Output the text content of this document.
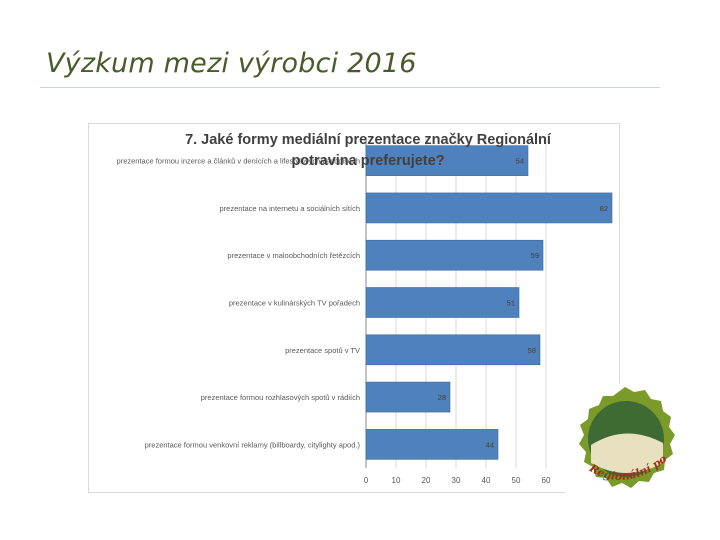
Výzkum mezi výrobci 2016
0	10	20	30	40	50	60
prezentace formou inzerce a článků v denících a lifestylových časopisech	54
prezentace na internetu a sociálních sítích	82
prezentace v maloobchodních řetězcích	59
prezentace v kulinárských TV pořadech	51
prezentace spotů v TV	58
prezentace formou rozhlasových spotů v rádiích	28
prezentace formou venkovní reklamy (billboardy, citylighty apod.)	44
7. Jaké formy mediální prezentace značky Regionální potravina preferujete?
Regionální po
